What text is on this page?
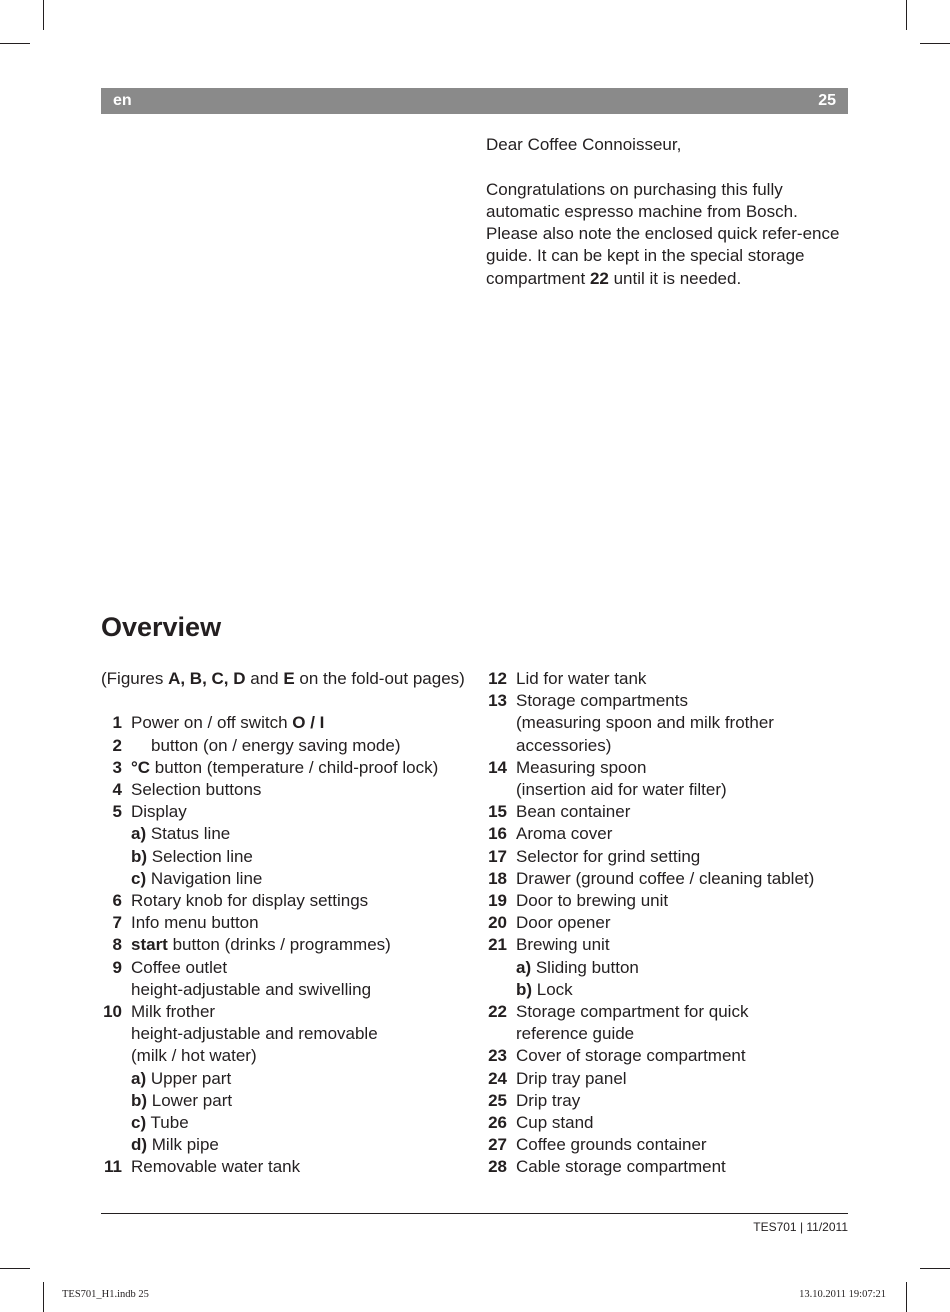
en	25

Dear Coffee Connoisseur,

Congratulations on purchasing this fully automatic espresso machine from Bosch. Please also note the enclosed quick refer-ence guide. It can be kept in the special storage compartment 22 until it is needed.

Overview
(Figures A, B, C, D and E on the fold-out pages)
1 Power on / off switch O / I
2 button (on / energy saving mode)
3 °C button (temperature / child-proof lock)
4 Selection buttons
5 Display
a) Status line
b) Selection line
c) Navigation line
6 Rotary knob for display settings
7 Info menu button
8 start button (drinks / programmes)
9 Coffee outlet
height-adjustable and swivelling
10 Milk frother
height-adjustable and removable
(milk / hot water)
a) Upper part
b) Lower part
c) Tube
d) Milk pipe
11 Removable water tank
12 Lid for water tank
13 Storage compartments
(measuring spoon and milk frother
accessories)
14 Measuring spoon
(insertion aid for water filter)
15 Bean container
16 Aroma cover
17 Selector for grind setting
18 Drawer (ground coffee / cleaning tablet)
19 Door to brewing unit
20 Door opener
21 Brewing unit
a) Sliding button
b) Lock
22 Storage compartment for quick
reference guide
23 Cover of storage compartment
24 Drip tray panel
25 Drip tray
26 Cup stand
27 Coffee grounds container
28 Cable storage compartment
TES701 | 11/2011
TES701_H1.indb 25	13.10.2011 19:07:21
